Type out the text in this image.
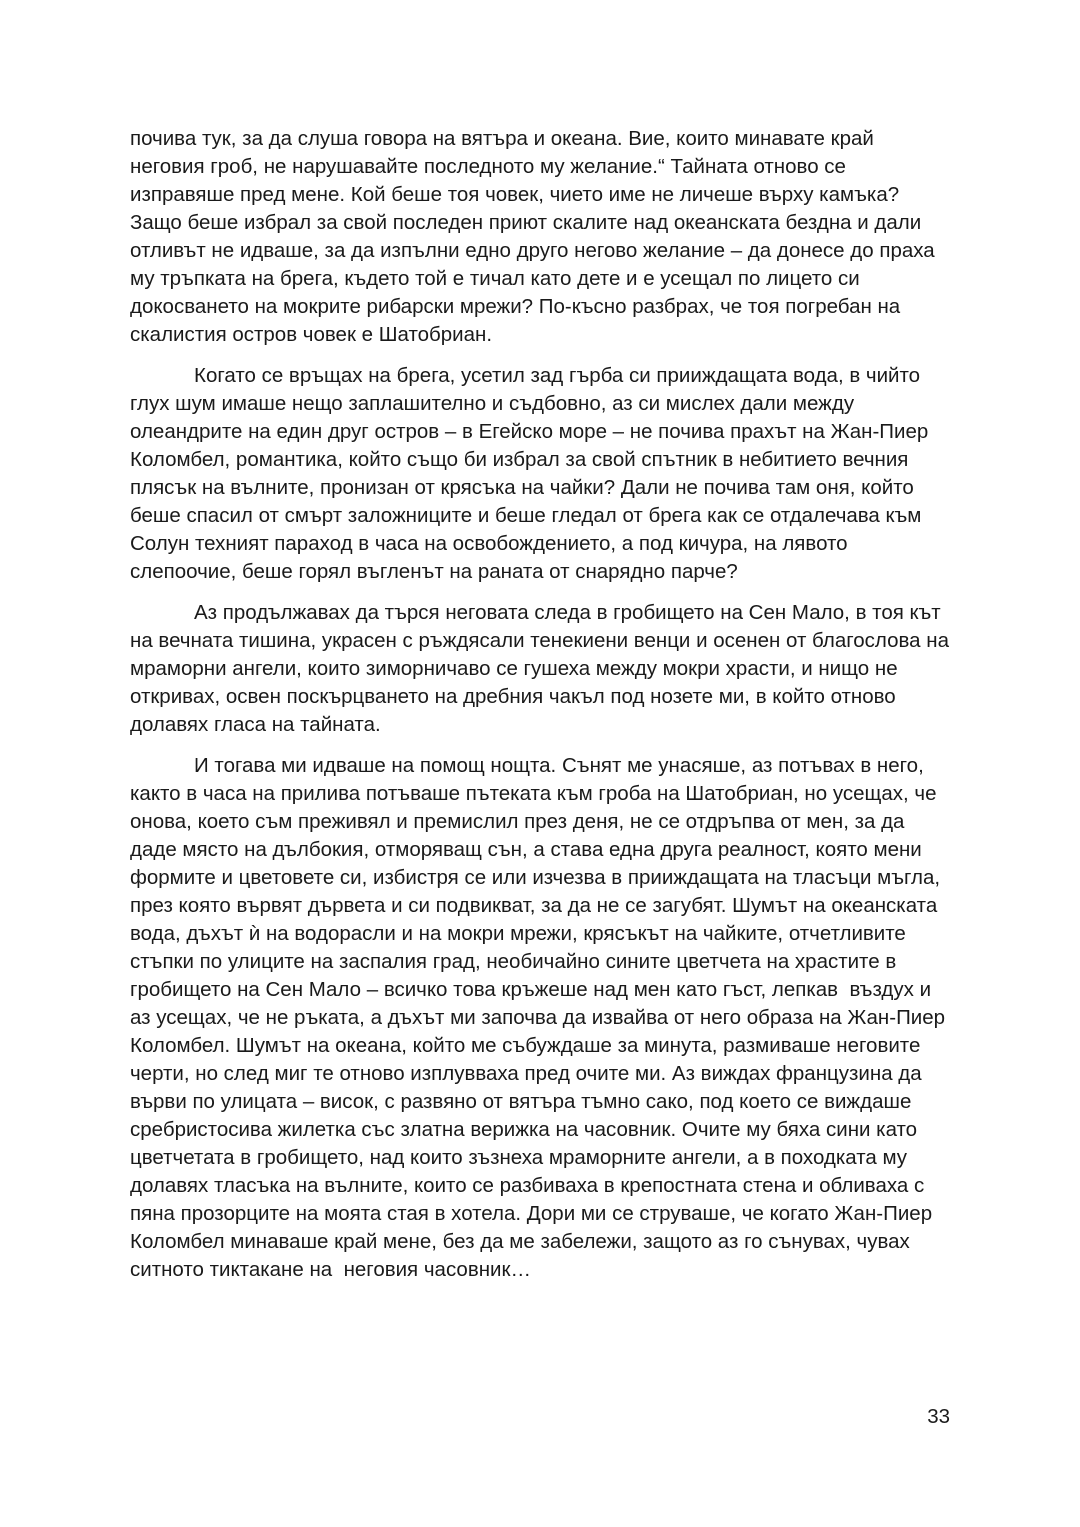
почива тук, за да слуша говора на вятъра и океана. Вие, които минавате край неговия гроб, не нарушавайте последното му желание.“ Тайната отново се изправяше пред мене. Кой беше тоя човек, чието име не личеше върху камъка? Защо беше избрал за свой последен приют скалите над океанската бездна и дали отливът не идваше, за да изпълни едно друго негово желание – да донесе до праха му тръпката на брега, където той е тичал като дете и е усещал по лицето си докосването на мокрите рибарски мрежи? По-късно разбрах, че тоя погребан на скалистия остров човек е Шатобриан.

Когато се връщах на брега, усетил зад гърба си прииждащата вода, в чийто глух шум имаше нещо заплашително и съдбовно, аз си мислех дали между олеандрите на един друг остров – в Егейско море – не почива прахът на Жан-Пиер Коломбел, романтика, който също би избрал за свой спътник в небитието вечния плясък на вълните, пронизан от крясъка на чайки? Дали не почива там оня, който беше спасил от смърт заложниците и беше гледал от брега как се отдалечава към Солун техният параход в часа на освобождението, а под кичура, на лявото слепоочие, беше горял въгленът на раната от снарядно парче?

Аз продължавах да търся неговата следа в гробището на Сен Мало, в тоя кът на вечната тишина, украсен с ръждясали тенекиени венци и осенен от благослова на мраморни ангели, които зиморничаво се гушеха между мокри храсти, и нищо не откривах, освен поскърцването на дребния чакъл под нозете ми, в който отново долавях гласа на тайната.

И тогава ми идваше на помощ нощта. Сънят ме унасяше, аз потъвах в него, както в часа на прилива потъваше пътеката към гроба на Шатобриан, но усещах, че онова, което съм преживял и премислил през деня, не се отдръпва от мен, за да даде място на дълбокия, отморяващ сън, а става една друга реалност, която мени формите и цветовете си, избистря се или изчезва в прииждащата на тласъци мъгла, през която вървят дървета и си подвикват, за да не се загубят. Шумът на океанската вода, дъхът ѝ на водорасли и на мокри мрежи, крясъкът на чайките, отчетливите стъпки по улиците на заспалия град, необичайно сините цветчета на храстите в гробището на Сен Мало – всичко това кръжеше над мен като гъст, лепкав  въздух и аз усещах, че не ръката, а дъхът ми започва да извайва от него образа на Жан-Пиер Коломбел. Шумът на океана, който ме събуждаше за минута, размиваше неговите черти, но след миг те отново изплувваха пред очите ми. Аз виждах французина да върви по улицата – висок, с развяно от вятъра тъмно сако, под което се виждаше сребристосива жилетка със златна верижка на часовник. Очите му бяха сини като цветчетата в гробището, над които зъзнеха мраморните ангели, а в походката му долавях тласъка на вълните, които се разбиваха в крепостната стена и обливаха с пяна прозорците на моята стая в хотела. Дори ми се струваше, че когато Жан-Пиер Коломбел минаваше край мене, без да ме забележи, защото аз го сънувах, чувах ситното тиктакане на  неговия часовник…

33
